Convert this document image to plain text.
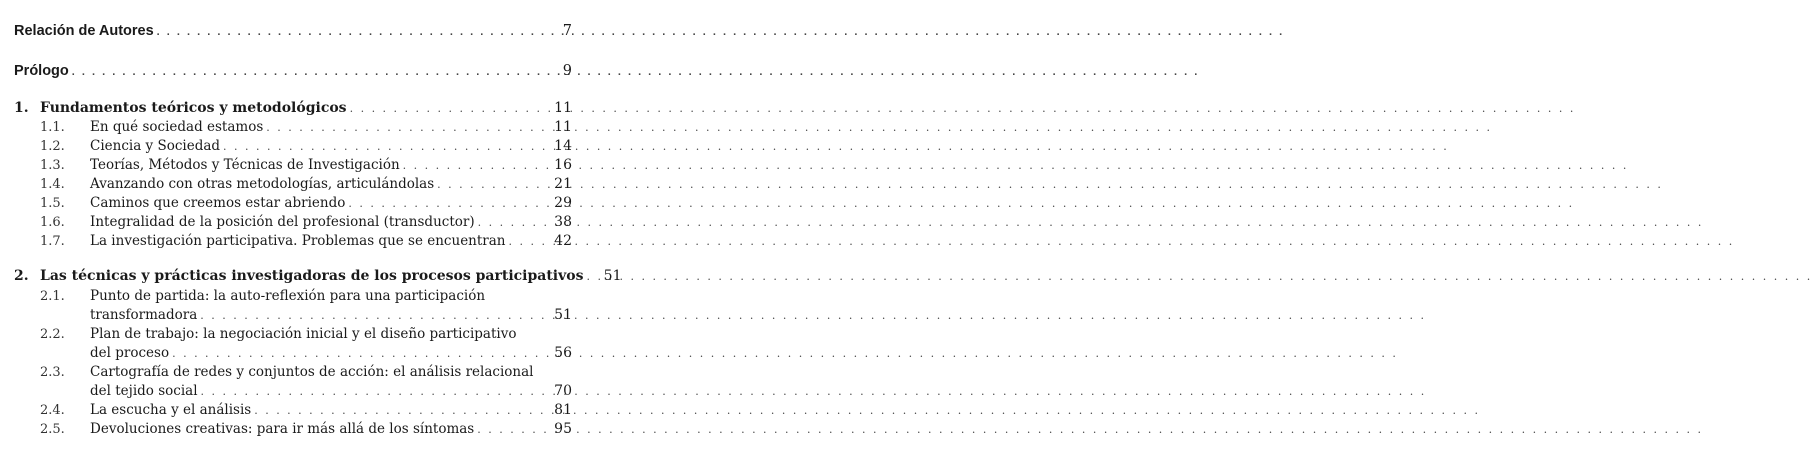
Relación de Autores . . .	7
Prólogo . . .	9
1. Fundamentos teóricos y metodológicos . . .	11
1.1.	En qué sociedad estamos . . .	11
1.2.	Ciencia y Sociedad . . .	14
1.3.	Teorías, Métodos y Técnicas de Investigación . . .	16
1.4.	Avanzando con otras metodologías, articulándolas . . .	21
1.5.	Caminos que creemos estar abriendo . . .	29
1.6.	Integralidad de la posición del profesional (transductor) . . .	38
1.7.	La investigación participativa. Problemas que se encuentran . . .	42
2. Las técnicas y prácticas investigadoras de los procesos participativos . . . 51
2.1.	Punto de partida: la auto-reflexión para una participación
transformadora . . .	51
2.2.	Plan de trabajo: la negociación inicial y el diseño participativo
del proceso . . .	56
2.3.	Cartografía de redes y conjuntos de acción: el análisis relacional
del tejido social . . .	70
2.4.	La escucha y el análisis . . .	81
2.5.	Devoluciones creativas: para ir más allá de los síntomas . . .	95
